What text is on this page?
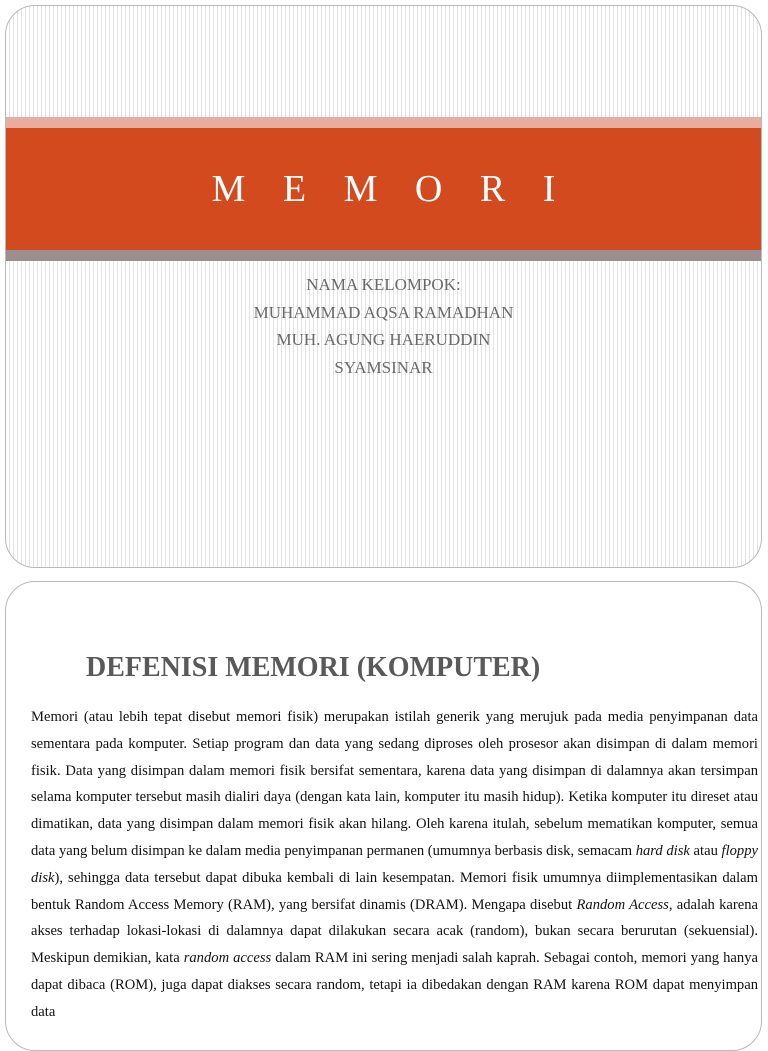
M E M O R I
NAMA KELOMPOK:
MUHAMMAD AQSA RAMADHAN
MUH. AGUNG HAERUDDIN
SYAMSINAR
DEFENISI MEMORI (KOMPUTER)

Memori (atau lebih tepat disebut memori fisik) merupakan istilah generik yang merujuk pada media penyimpanan data sementara pada komputer. Setiap program dan data yang sedang diproses oleh prosesor akan disimpan di dalam memori fisik. Data yang disimpan dalam memori fisik bersifat sementara, karena data yang disimpan di dalamnya akan tersimpan selama komputer tersebut masih dialiri daya (dengan kata lain, komputer itu masih hidup). Ketika komputer itu direset atau dimatikan, data yang disimpan dalam memori fisik akan hilang. Oleh karena itulah, sebelum mematikan komputer, semua data yang belum disimpan ke dalam media penyimpanan permanen (umumnya berbasis disk, semacam hard disk atau floppy disk), sehingga data tersebut dapat dibuka kembali di lain kesempatan. Memori fisik umumnya diimplementasikan dalam bentuk Random Access Memory (RAM), yang bersifat dinamis (DRAM). Mengapa disebut Random Access, adalah karena akses terhadap lokasi-lokasi di dalamnya dapat dilakukan secara acak (random), bukan secara berurutan (sekuensial). Meskipun demikian, kata random access dalam RAM ini sering menjadi salah kaprah. Sebagai contoh, memori yang hanya dapat dibaca (ROM), juga dapat diakses secara random, tetapi ia dibedakan dengan RAM karena ROM dapat menyimpan data
